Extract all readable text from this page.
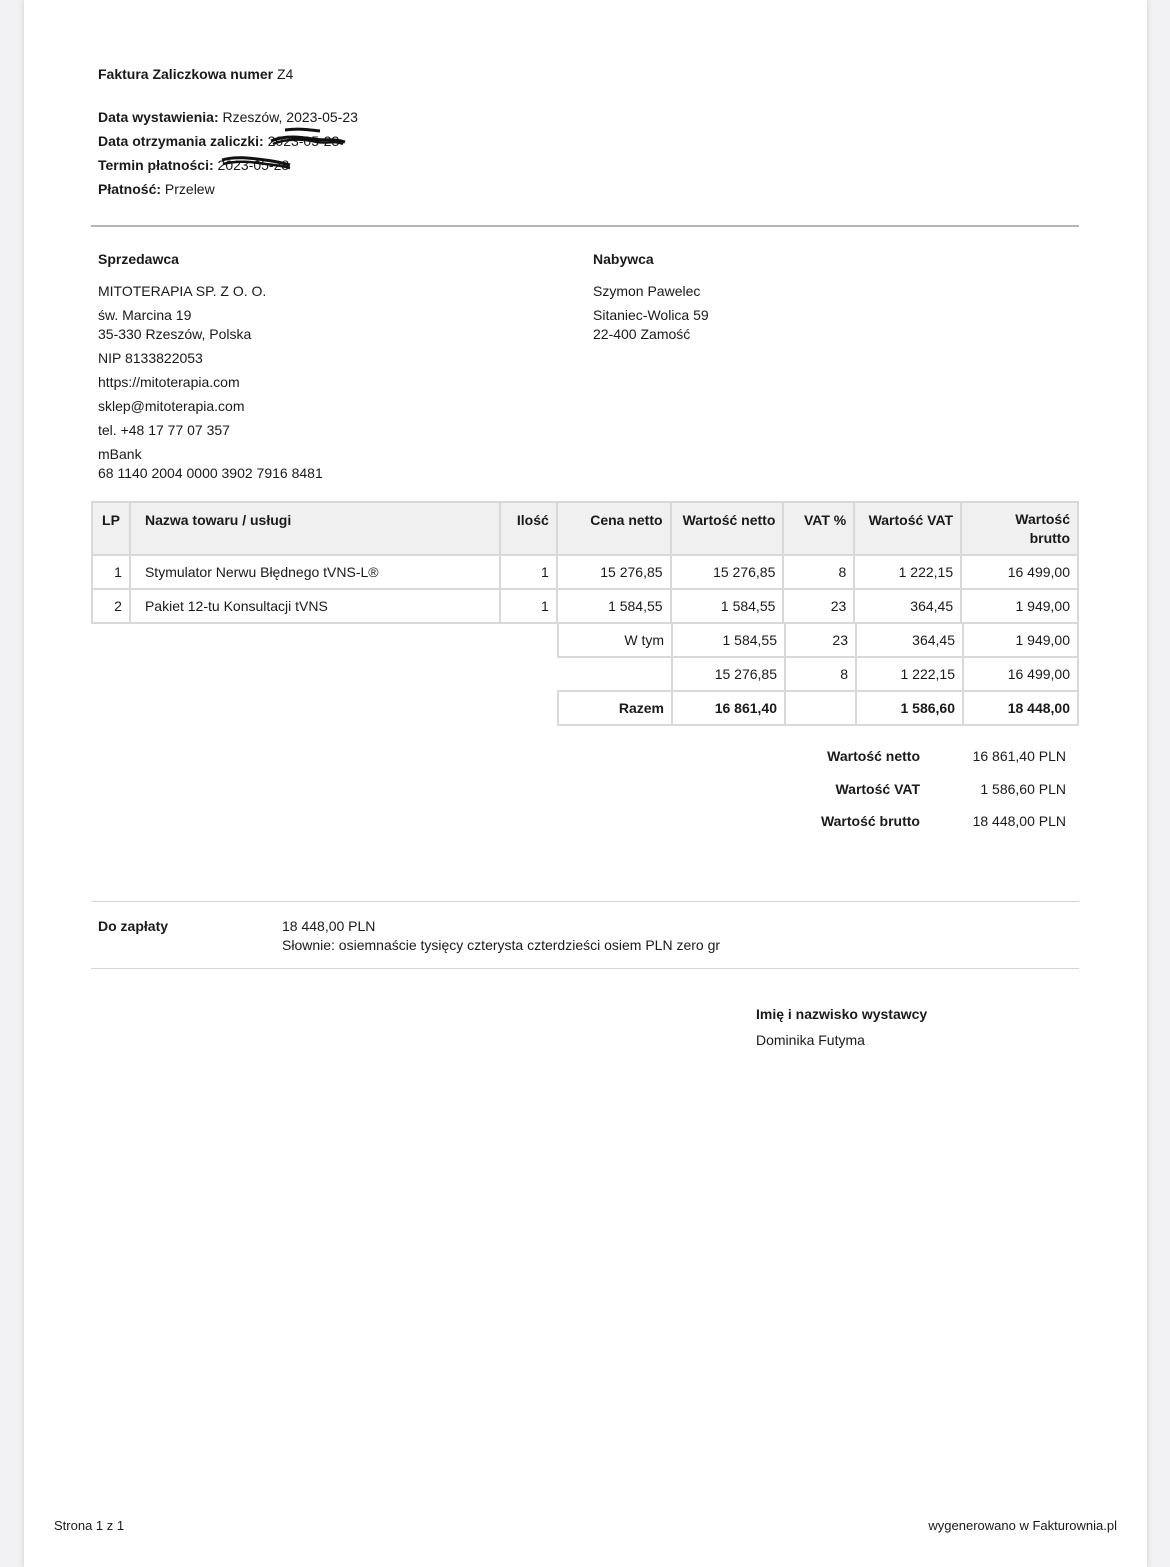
Faktura Zaliczkowa numer Z4
Data wystawienia: Rzeszów, 2023-05-23
Data otrzymania zaliczki: 2023-05-23
Termin płatności: 2023-05-28
Płatność: Przelew
Sprzedawca
MITOTERAPIA SP. Z O. O.
św. Marcina 19
35-330 Rzeszów, Polska
NIP 8133822053
https://mitoterapia.com
sklep@mitoterapia.com
tel. +48 17 77 07 357
mBank
68 1140 2004 0000 3902 7916 8481
Nabywca
Szymon Pawelec
Sitaniec-Wolica 59
22-400 Zamość
LP	Nazwa towaru / usługi	Ilość	Cena netto	Wartość netto	VAT %	Wartość VAT	Wartość
brutto
1	Stymulator Nerwu Błędnego tVNS-L®	1	15 276,85	15 276,85	8	1 222,15	16 499,00
2	Pakiet 12-tu Konsultacji tVNS	1	1 584,55	1 584,55	23	364,45	1 949,00
W tym	1 584,55	23	364,45	1 949,00
	15 276,85	8	1 222,15	16 499,00
Razem	16 861,40		1 586,60	18 448,00
Wartość netto	16 861,40 PLN
Wartość VAT	1 586,60 PLN
Wartość brutto	18 448,00 PLN
Do zapłaty	18 448,00 PLN
Słownie: osiemnaście tysięcy czterysta czterdzieści osiem PLN zero gr
Imię i nazwisko wystawcy
Dominika Futyma
Strona 1 z 1	wygenerowano w Fakturownia.pl
